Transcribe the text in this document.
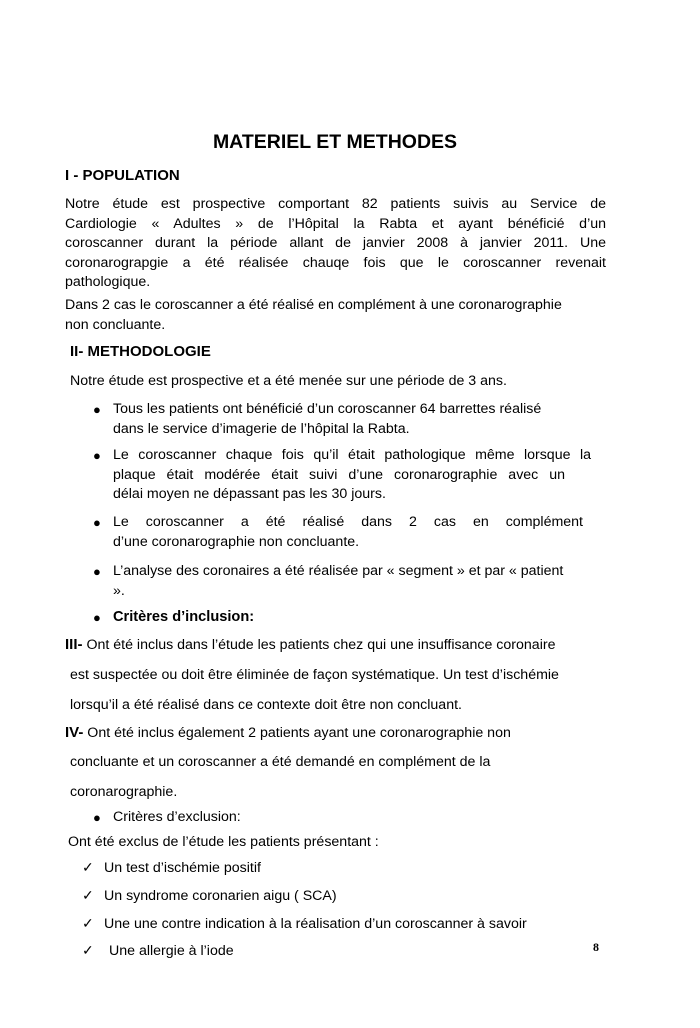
MATERIEL ET METHODES
I - POPULATION
Notre étude est prospective comportant 82 patients suivis au Service de
Cardiologie « Adultes » de l’Hôpital la Rabta et ayant bénéficié d’un
coroscanner durant la période allant de janvier 2008 à janvier 2011. Une
coronarograpgie a été réalisée chauqe fois que le coroscanner revenait
pathologique.
Dans 2 cas le coroscanner a été réalisé en complément à une coronarographie
non concluante.
II- METHODOLOGIE
Notre étude est prospective et a été menée sur une période de 3 ans.
● Tous les patients ont bénéficié d’un coroscanner 64 barrettes réalisé
dans le service d’imagerie de l’hôpital la Rabta.
● Le coroscanner chaque fois qu’il était pathologique même lorsque la
plaque était modérée était suivi d’une coronarographie avec un
délai moyen ne dépassant pas les 30 jours.
● Le coroscanner a été réalisé dans 2 cas en complément
d’une coronarographie non concluante.
● L’analyse des coronaires a été réalisée par « segment » et par « patient
».
● Critères d’inclusion:
III- Ont été inclus dans l’étude les patients chez qui une insuffisance coronaire
est suspectée ou doit être éliminée de façon systématique. Un test d’ischémie
lorsqu’il a été réalisé dans ce contexte doit être non concluant.
IV- Ont été inclus également 2 patients ayant une coronarographie non
concluante et un coroscanner a été demandé en complément de la
coronarographie.
● Critères d’exclusion:
Ont été exclus de l’étude les patients présentant :
✓ Un test d’ischémie positif
✓ Un syndrome coronarien aigu ( SCA)
✓ Une une contre indication à la réalisation d’un coroscanner à savoir
✓ Une allergie à l’iode	8
